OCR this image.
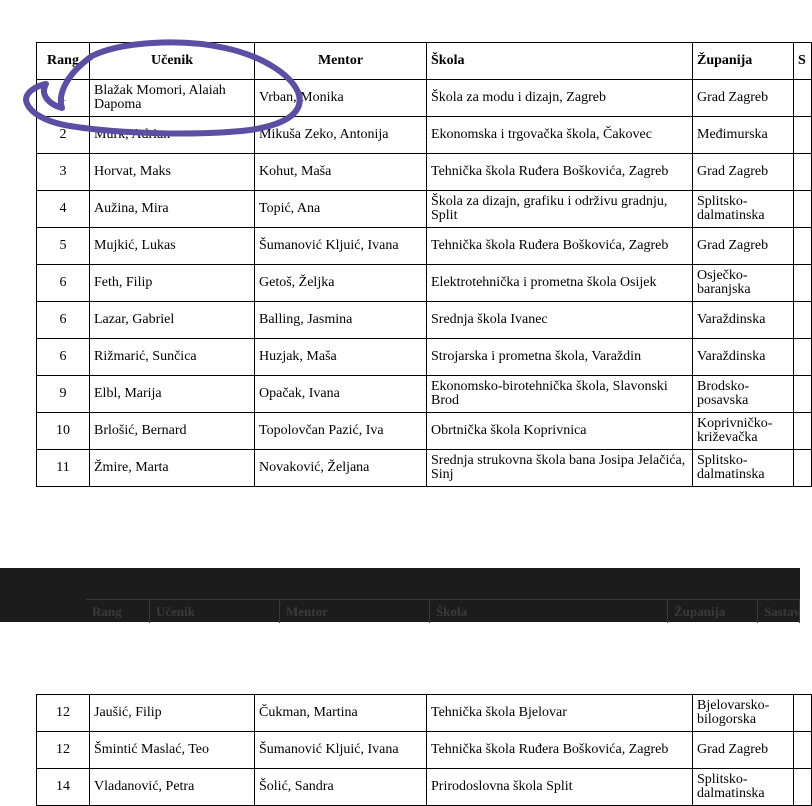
Rang	Učenik	Mentor	Škola	Županija	S
1	Blažak Momori, Alaiah Dapoma	Vrban, Monika	Škola za modu i dizajn, Zagreb	Grad Zagreb	
2	Murk, Adrian	Mikuša Zeko, Antonija	Ekonomska i trgovačka škola, Čakovec	Međimurska	
3	Horvat, Maks	Kohut, Maša	Tehnička škola Ruđera Boškovića, Zagreb	Grad Zagreb	
4	Aužina, Mira	Topić, Ana	Škola za dizajn, grafiku i održivu gradnju, Split	Splitsko-dalmatinska	
5	Mujkić, Lukas	Šumanović Kljuić, Ivana	Tehnička škola Ruđera Boškovića, Zagreb	Grad Zagreb	
6	Feth, Filip	Getoš, Željka	Elektrotehnička i prometna škola Osijek	Osječko-baranjska	
6	Lazar, Gabriel	Balling, Jasmina	Srednja škola Ivanec	Varaždinska	
6	Rižmarić, Sunčica	Huzjak, Maša	Strojarska i prometna škola, Varaždin	Varaždinska	
9	Elbl, Marija	Opačak, Ivana	Ekonomsko-birotehnička škola, Slavonski Brod	Brodsko-posavska	
10	Brlošić, Bernard	Topolovčan Pazić, Iva	Obrtnička škola Koprivnica	Koprivničko-križevačka	
11	Žmire, Marta	Novaković, Željana	Srednja strukovna škola bana Josipa Jelačića, Sinj	Splitsko-dalmatinska	
Rang	Učenik	Mentor	Škola	Županija	Sastav
12	Jaušić, Filip	Čukman, Martina	Tehnička škola Bjelovar	Bjelovarsko-bilogorska	
12	Šmintić Maslać, Teo	Šumanović Kljuić, Ivana	Tehnička škola Ruđera Boškovića, Zagreb	Grad Zagreb	
14	Vladanović, Petra	Šolić, Sandra	Prirodoslovna škola Split	Splitsko-dalmatinska	
